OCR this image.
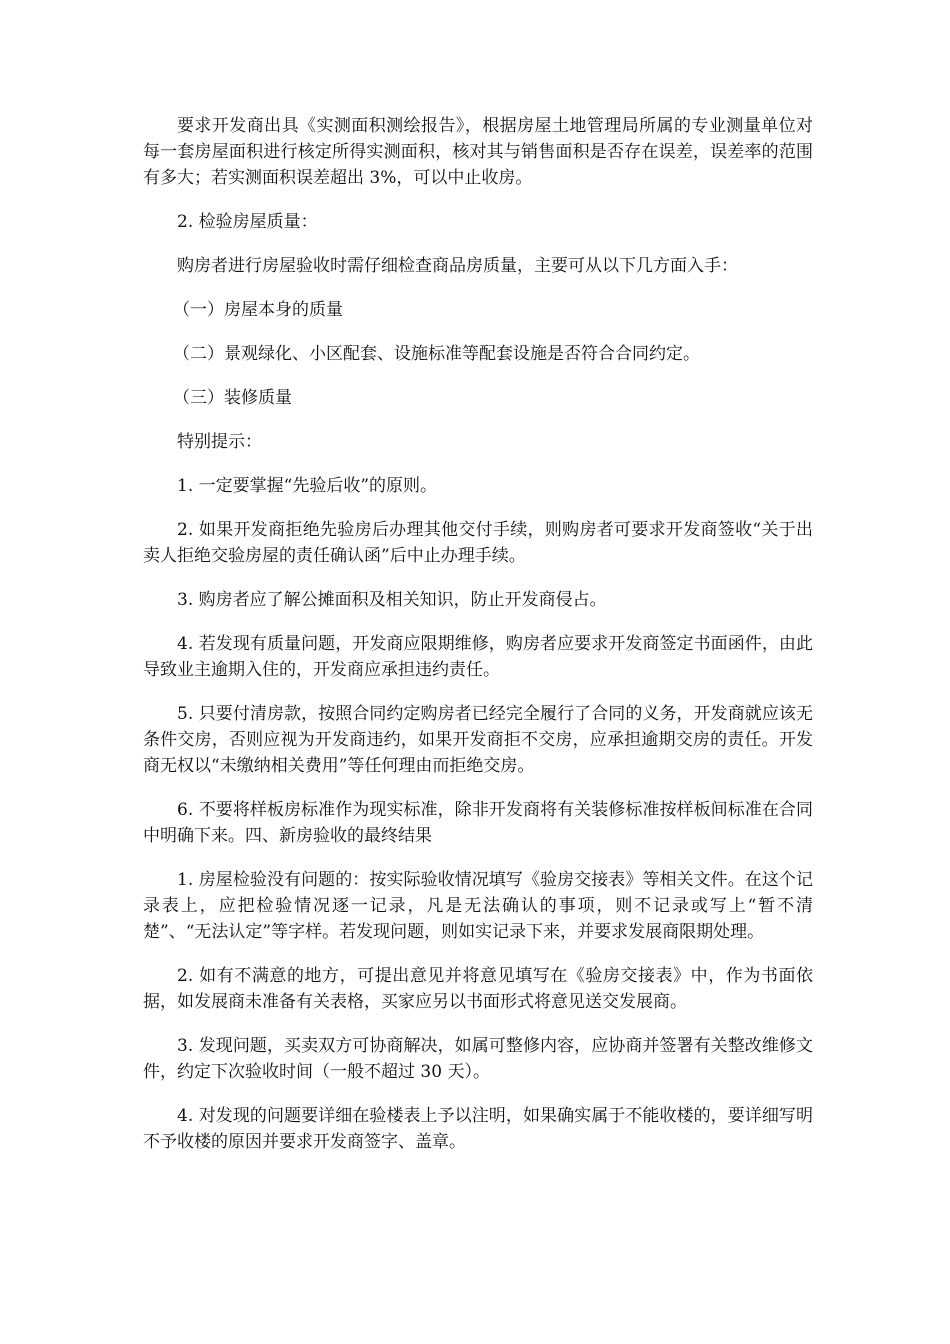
要求开发商出具《实测面积测绘报告》，根据房屋土地管理局所属的专业测量单位对每一套房屋面积进行核定所得实测面积，核对其与销售面积是否存在误差，误差率的范围有多大；若实测面积误差超出 3%，可以中止收房。

2. 检验房屋质量：

购房者进行房屋验收时需仔细检查商品房质量，主要可从以下几方面入手：

（一）房屋本身的质量

（二）景观绿化、小区配套、设施标准等配套设施是否符合合同约定。

（三）装修质量

特别提示：

1. 一定要掌握“先验后收”的原则。

2. 如果开发商拒绝先验房后办理其他交付手续，则购房者可要求开发商签收“关于出卖人拒绝交验房屋的责任确认函”后中止办理手续。

3. 购房者应了解公摊面积及相关知识，防止开发商侵占。

4. 若发现有质量问题，开发商应限期维修，购房者应要求开发商签定书面函件，由此导致业主逾期入住的，开发商应承担违约责任。

5. 只要付清房款，按照合同约定购房者已经完全履行了合同的义务，开发商就应该无条件交房，否则应视为开发商违约，如果开发商拒不交房，应承担逾期交房的责任。开发商无权以“未缴纳相关费用”等任何理由而拒绝交房。

6. 不要将样板房标准作为现实标准，除非开发商将有关装修标准按样板间标准在合同中明确下来。四、新房验收的最终结果

1. 房屋检验没有问题的：按实际验收情况填写《验房交接表》等相关文件。在这个记录表上，应把检验情况逐一记录，凡是无法确认的事项，则不记录或写上“暂不清楚”、“无法认定”等字样。若发现问题，则如实记录下来，并要求发展商限期处理。

2. 如有不满意的地方，可提出意见并将意见填写在《验房交接表》中，作为书面依据，如发展商未准备有关表格，买家应另以书面形式将意见送交发展商。

3. 发现问题，买卖双方可协商解决，如属可整修内容，应协商并签署有关整改维修文件，约定下次验收时间（一般不超过 30 天）。

4. 对发现的问题要详细在验楼表上予以注明，如果确实属于不能收楼的，要详细写明不予收楼的原因并要求开发商签字、盖章。
